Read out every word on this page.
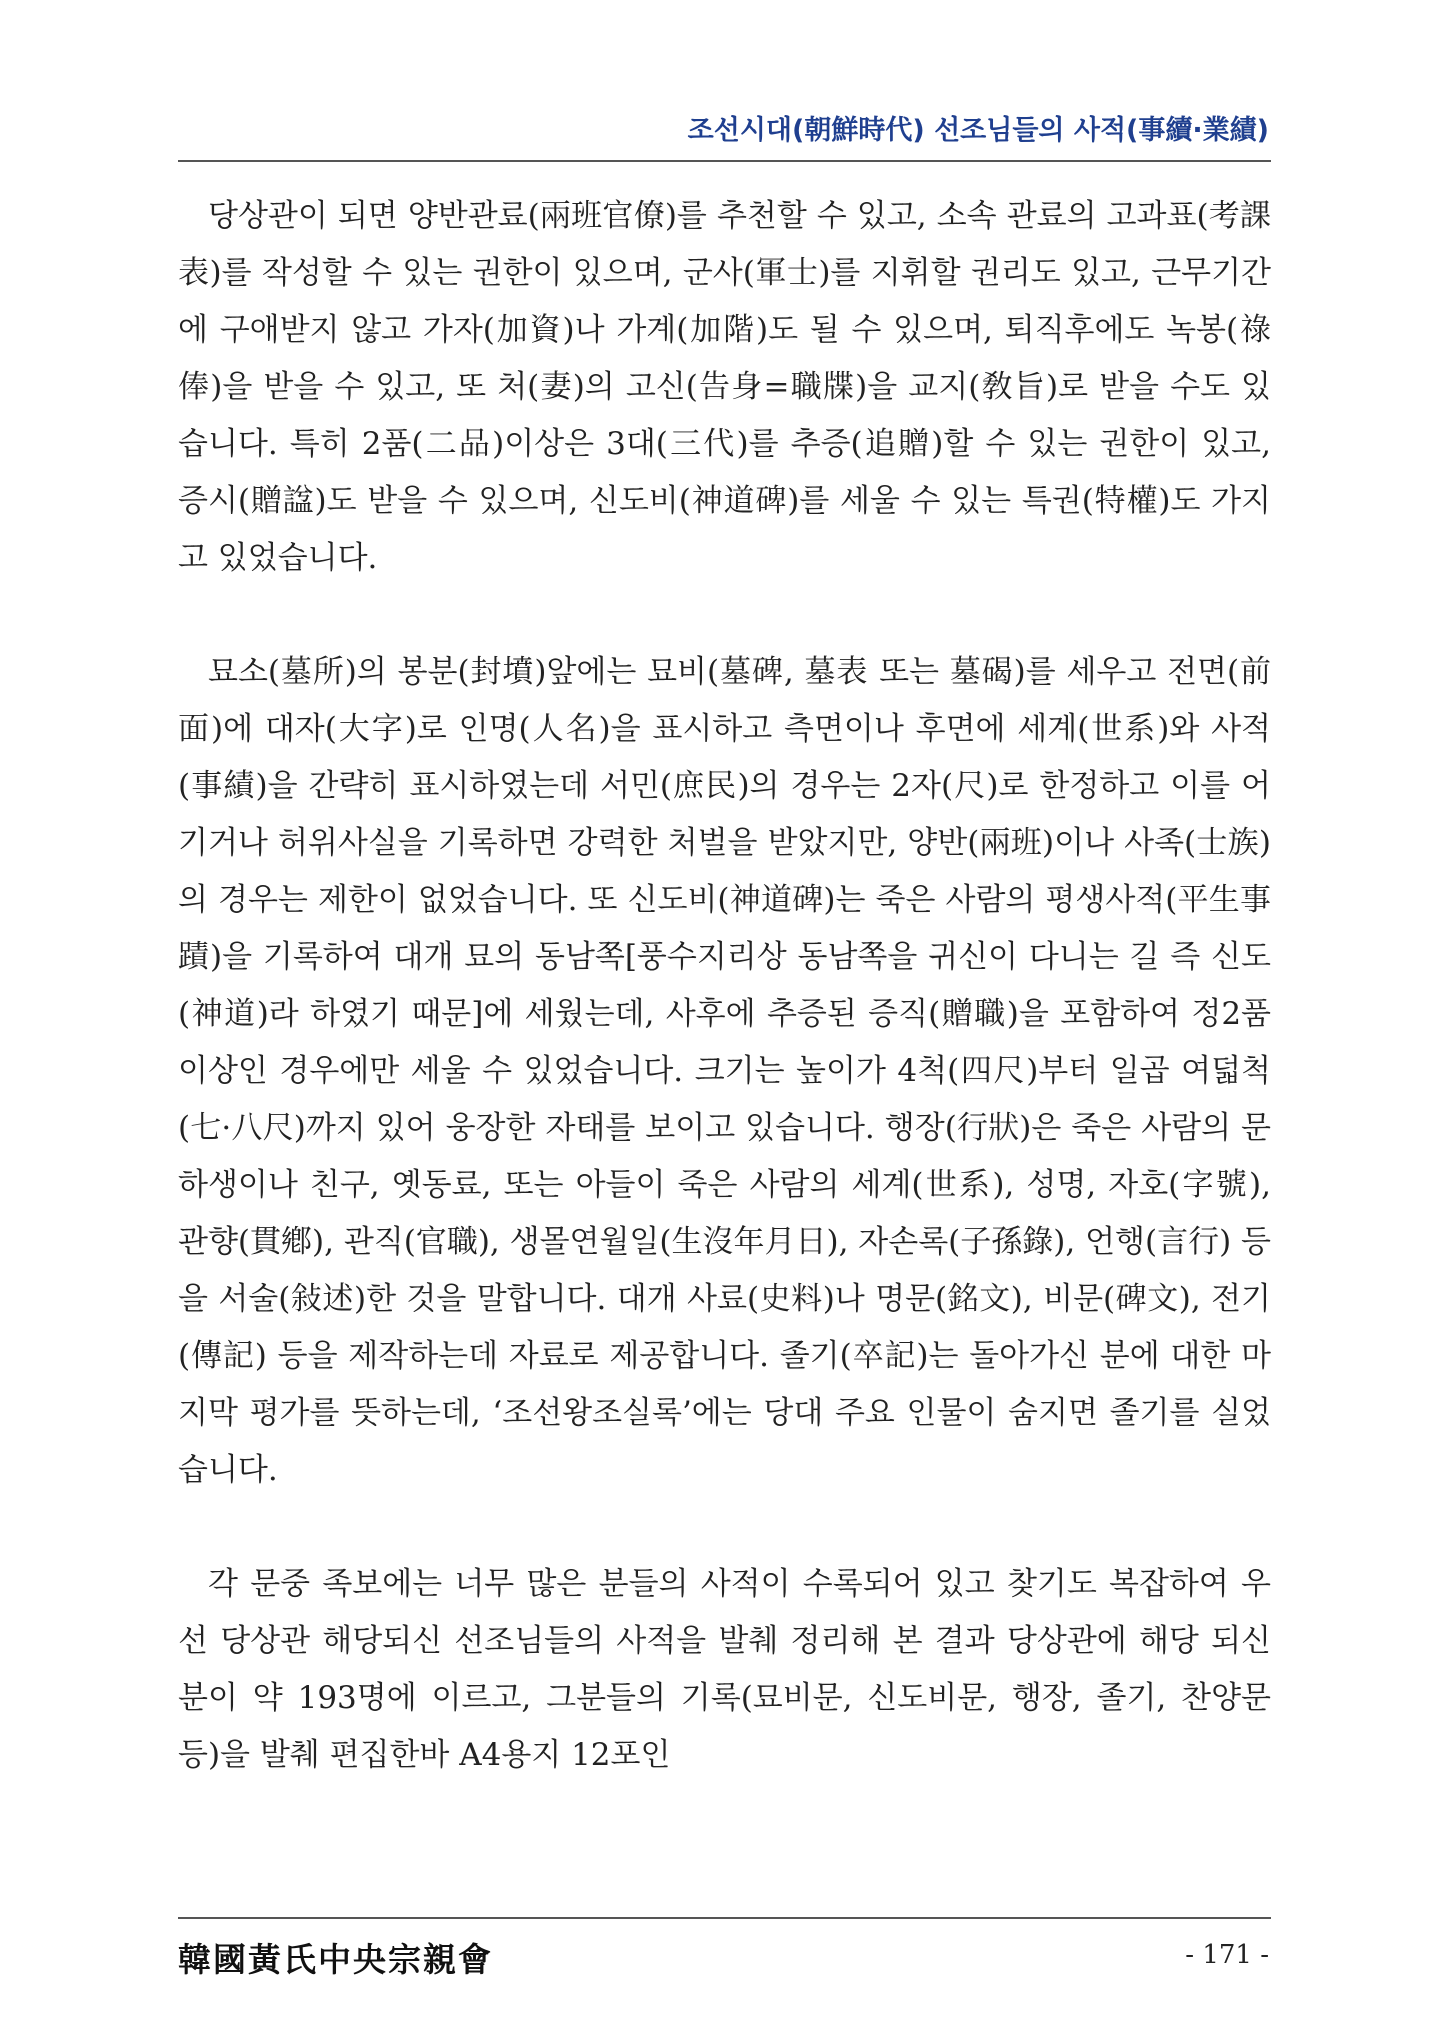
조선시대(朝鮮時代) 선조님들의 사적(事續·業績)

당상관이 되면 양반관료(兩班官僚)를 추천할 수 있고, 소속 관료의 고과표(考課表)를 작성할 수 있는 권한이 있으며, 군사(軍士)를 지휘할 권리도 있고, 근무기간에 구애받지 않고 가자(加資)나 가계(加階)도 될 수 있으며, 퇴직후에도 녹봉(祿俸)을 받을 수 있고, 또 처(妻)의 고신(告身=職牒)을 교지(敎旨)로 받을 수도 있습니다. 특히 2품(二品)이상은 3대(三代)를 추증(追贈)할 수 있는 권한이 있고, 증시(贈諡)도 받을 수 있으며, 신도비(神道碑)를 세울 수 있는 특권(特權)도 가지고 있었습니다.

묘소(墓所)의 봉분(封墳)앞에는 묘비(墓碑, 墓表 또는 墓碣)를 세우고 전면(前面)에 대자(大字)로 인명(人名)을 표시하고 측면이나 후면에 세계(世系)와 사적(事績)을 간략히 표시하였는데 서민(庶民)의 경우는 2자(尺)로 한정하고 이를 어기거나 허위사실을 기록하면 강력한 처벌을 받았지만, 양반(兩班)이나 사족(士族)의 경우는 제한이 없었습니다. 또 신도비(神道碑)는 죽은 사람의 평생사적(平生事蹟)을 기록하여 대개 묘의 동남쪽[풍수지리상 동남쪽을 귀신이 다니는 길 즉 신도(神道)라 하였기 때문]에 세웠는데, 사후에 추증된 증직(贈職)을 포함하여 정2품 이상인 경우에만 세울 수 있었습니다. 크기는 높이가 4척(四尺)부터 일곱 여덟척(七·八尺)까지 있어 웅장한 자태를 보이고 있습니다. 행장(行狀)은 죽은 사람의 문하생이나 친구, 옛동료, 또는 아들이 죽은 사람의 세계(世系), 성명, 자호(字號), 관향(貫鄕), 관직(官職), 생몰연월일(生沒年月日), 자손록(子孫錄), 언행(言行) 등을 서술(敍述)한 것을 말합니다. 대개 사료(史料)나 명문(銘文), 비문(碑文), 전기(傳記) 등을 제작하는데 자료로 제공합니다. 졸기(卒記)는 돌아가신 분에 대한 마지막 평가를 뜻하는데, ‘조선왕조실록’에는 당대 주요 인물이 숨지면 졸기를 실었습니다.

각 문중 족보에는 너무 많은 분들의 사적이 수록되어 있고 찾기도 복잡하여 우선 당상관 해당되신 선조님들의 사적을 발췌 정리해 본 결과 당상관에 해당 되신 분이 약 193명에 이르고, 그분들의 기록(묘비문, 신도비문, 행장, 졸기, 찬양문 등)을 발췌 편집한바 A4용지 12포인

韓國黃氏中央宗親會	- 171 -
